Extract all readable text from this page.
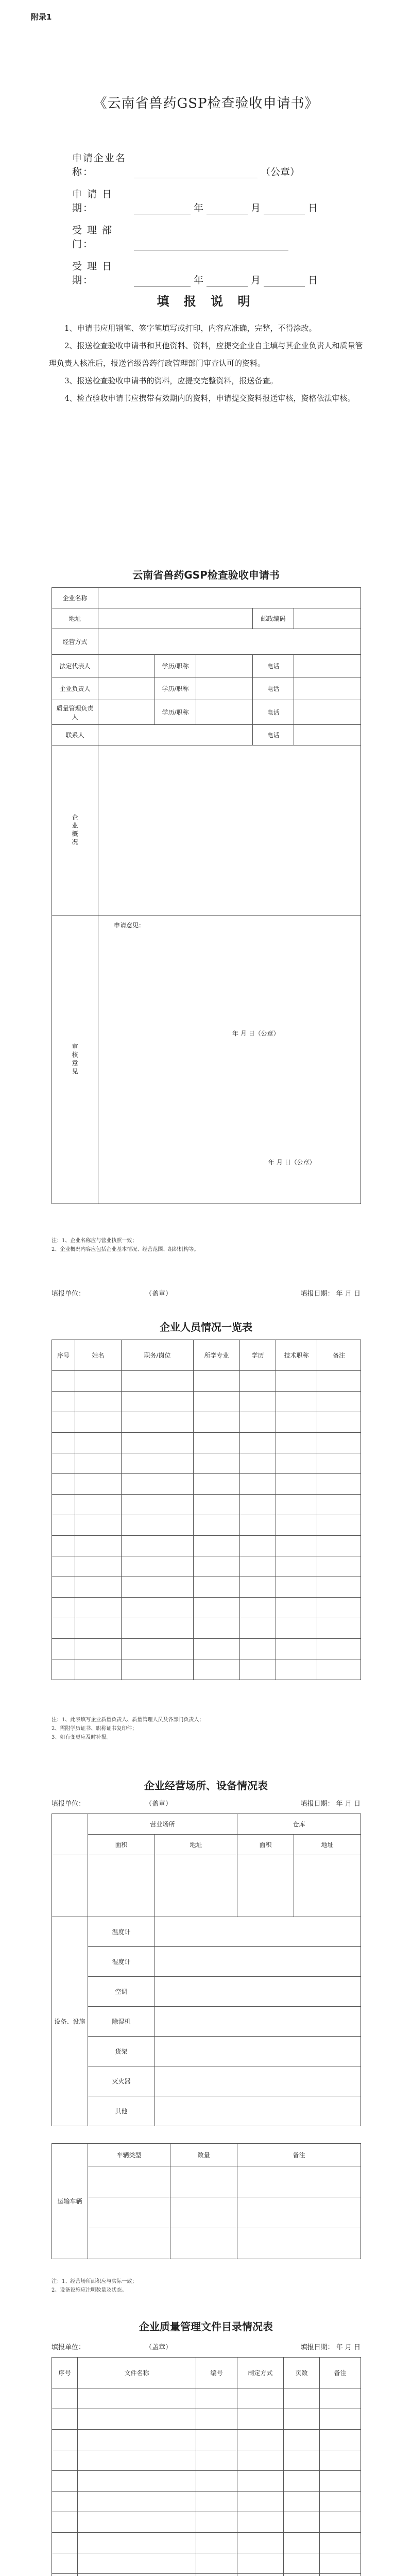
附录1
《云南省兽药GSP检查验收申请书》
申请企业名称：	（公章）
申 请 日 期：	年	月	日
受 理 部 门：
受 理 日 期：	年	月	日
填 报 说 明

1、申请书应用钢笔、签字笔填写或打印，内容应准确，完整，不得涂改。

2、报送检查验收申请书和其他资料、资料，应提交企业自主填与其企业负责人和质量管理负责人核准后，报送省级兽药行政管理部门审查认可的资料。

3、报送检查验收申请书的资料，应提交完整资料，报送备查。

4、检查验收申请书应携带有效期内的资料，申请提交资料报送审核，资格依法审核。

云南省兽药GSP检查验收申请书
企业名称					
地址				邮政编码	
经营方式					
法定代表人		学历/职称		电话	
企业负责人		学历/职称		电话	
质量管理负责人		学历/职称		电话	
联系人				电话	

企业概况					

审核意见	申请意见：
年 月 日（公章）
年 月 日（公章）				

注：1、企业名称应与营业执照一致；

2、企业概况内容应包括企业基本情况、经营范围、组织机构等。

填报单位：	（盖章）	填报日期： 年 月 日
企业人员情况一览表
序号	姓名	职务/岗位	所学专业	学历	技术职称	备注

注：1、此表填写企业质量负责人、质量管理人员及各部门负责人；

2、需附学历证书、职称证书复印件；

3、如有变更应及时补报。

企业经营场所、设备情况表
填报单位：	（盖章）	填报日期： 年 月 日
	营业场所		仓库	
	面积	地址	面积	地址

设备、设施	温度计	
	湿度计	
	空调	
	除湿机	
	货架	
	灭火器	
	其他	
运输车辆	车辆类型	数量	备注

注：1、经营场所面积应与实际一致；

2、设备设施应注明数量及状态。

企业质量管理文件目录情况表
填报单位：	（盖章）	填报日期： 年 月 日
序号	文件名称	编号	制定方式	页数	备注
